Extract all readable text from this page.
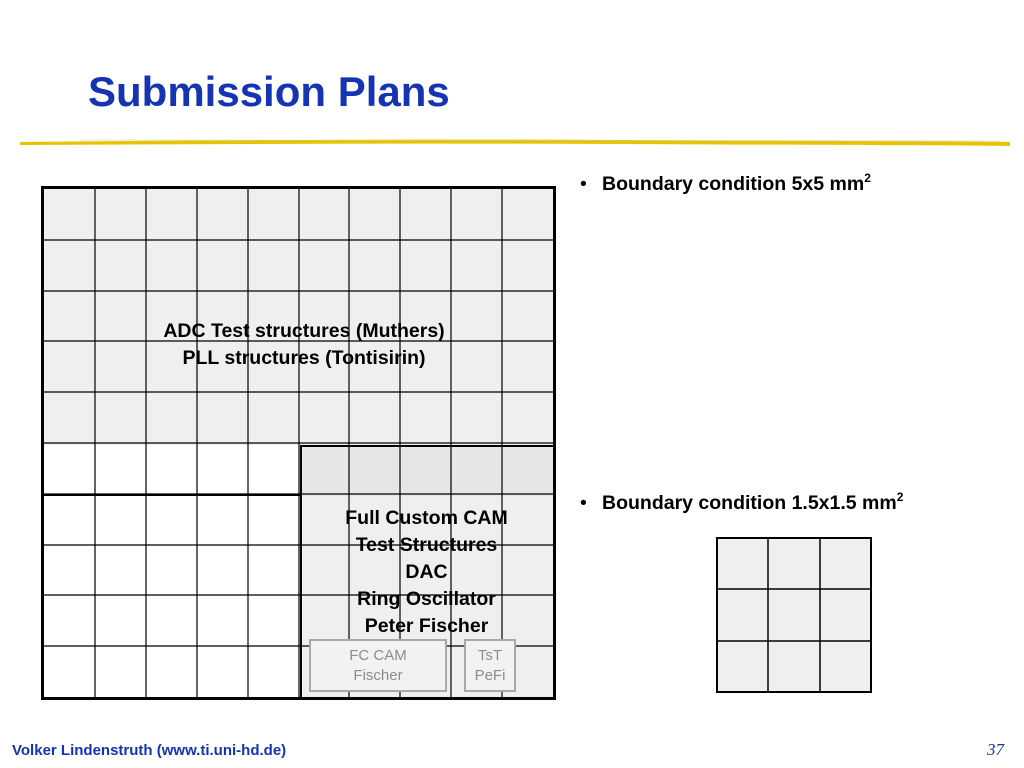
Submission Plans
ADC Test structures (Muthers)
PLL structures (Tontisirin)
Full Custom CAM
Test Structures
DAC
Ring Oscillator
Peter Fischer
FC CAM
Fischer
TsT
PeFi
• Boundary condition 5x5 $mm^2$
• Boundary condition 1.5x1.5 $mm^2$
Volker Lindenstruth (www.ti.uni-hd.de)	37
